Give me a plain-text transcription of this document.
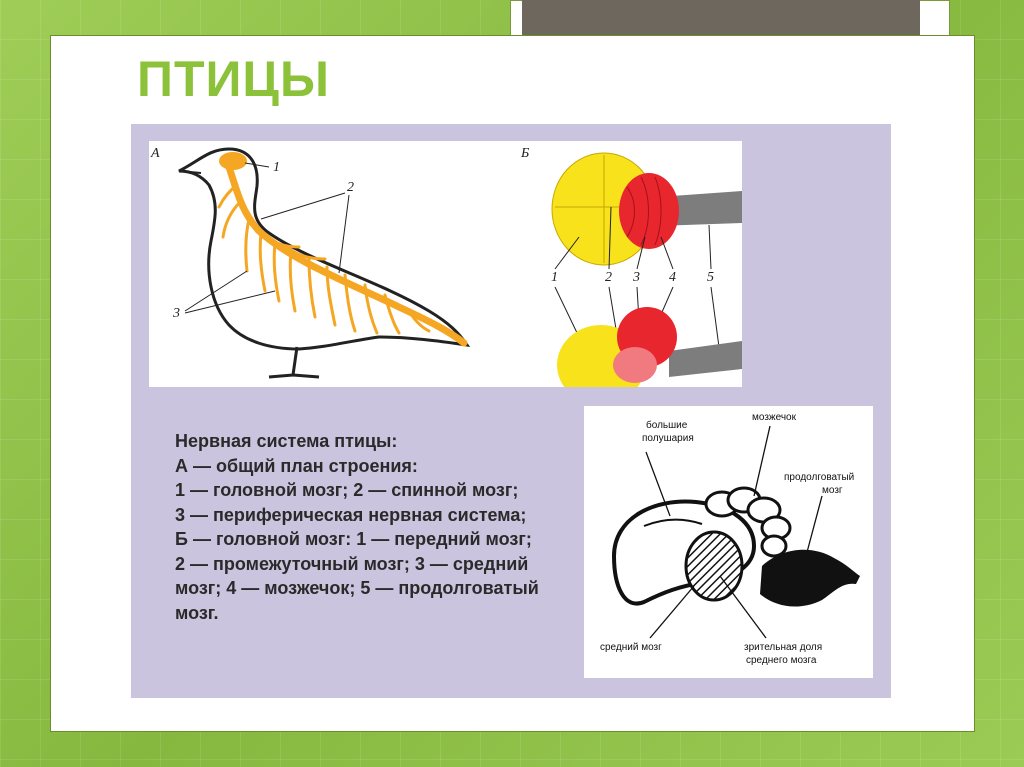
ПТИЦЫ
А
1
2
3
Б
1	2 3 4 5
Нервная система птицы:
А — общий план строения:
1 — головной мозг; 2 — спинной мозг;
3 — периферическая нервная система;
Б — головной мозг: 1 — передний мозг;
2 — промежуточный мозг; 3 — средний мозг; 4 — мозжечок; 5 — продолговатый мозг.
большие
полушария
мозжечок
продолговатый
мозг
средний мозг	зрительная доля
среднего мозга
